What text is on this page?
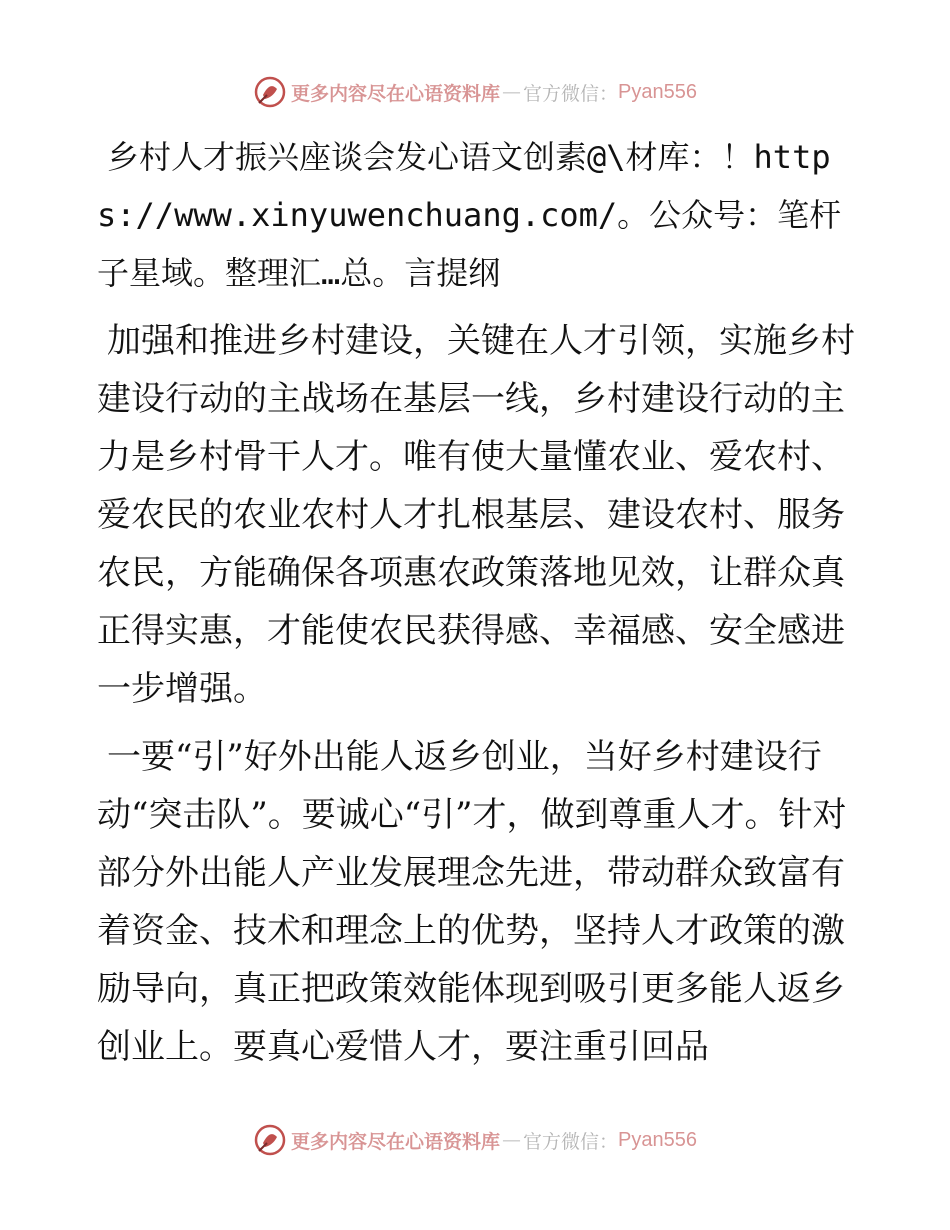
更多内容尽在心语资料库 — 官方微信： Pyan556

乡村人才振兴座谈会发心语文创素@\材库：！https://www.xinyuwenchuang.com/。公众号：笔杆子星域。整理汇…总。言提纲

加强和推进乡村建设，关键在人才引领，实施乡村建设行动的主战场在基层一线，乡村建设行动的主力是乡村骨干人才。唯有使大量懂农业、爱农村、爱农民的农业农村人才扎根基层、建设农村、服务农民，方能确保各项惠农政策落地见效，让群众真正得实惠，才能使农民获得感、幸福感、安全感进一步增强。

一要“引”好外出能人返乡创业，当好乡村建设行动“突击队”。要诚心“引”才，做到尊重人才。针对部分外出能人产业发展理念先进，带动群众致富有着资金、技术和理念上的优势，坚持人才政策的激励导向，真正把政策效能体现到吸引更多能人返乡创业上。要真心爱惜人才，要注重引回品

更多内容尽在心语资料库 — 官方微信： Pyan556
